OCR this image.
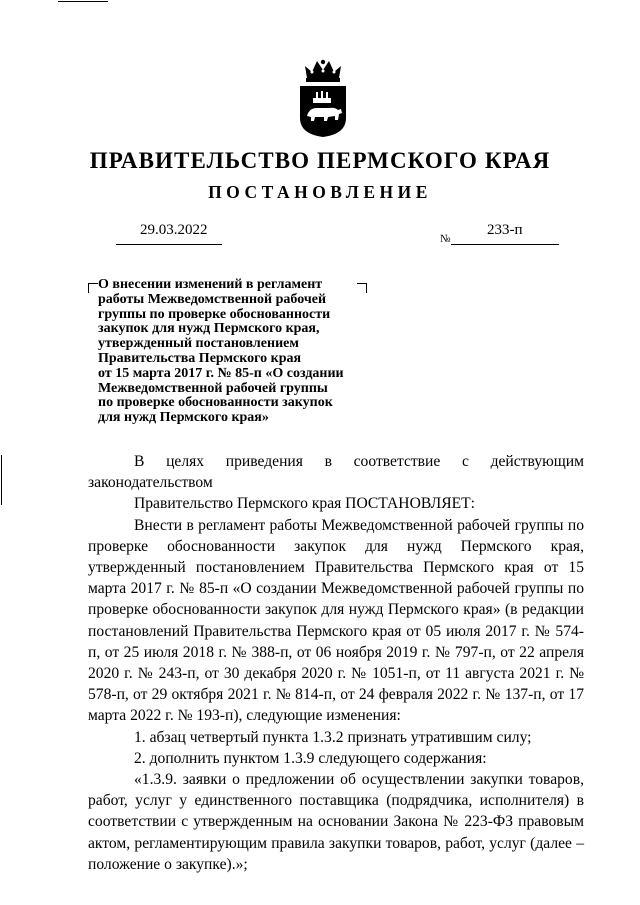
ПРАВИТЕЛЬСТВО ПЕРМСКОГО КРАЯ
ПОСТАНОВЛЕНИЕ
29.03.2022
№
233-п
О внесении изменений в регламент
работы Межведомственной рабочей
группы по проверке обоснованности
закупок для нужд Пермского края,
утвержденный постановлением
Правительства Пермского края
от 15 марта 2017 г. № 85-п «О создании
Межведомственной рабочей группы
по проверке обоснованности закупок
для нужд Пермского края»

В целях приведения в соответствие с действующим законодательством

Правительство Пермского края ПОСТАНОВЛЯЕТ:

Внести в регламент работы Межведомственной рабочей группы по проверке обоснованности закупок для нужд Пермского края, утвержденный постановлением Правительства Пермского края от 15 марта 2017 г. № 85-п «О создании Межведомственной рабочей группы по проверке обоснованности закупок для нужд Пермского края» (в редакции постановлений Правительства Пермского края от 05 июля 2017 г. № 574-п, от 25 июля 2018 г. № 388-п, от 06 ноября 2019 г. № 797-п, от 22 апреля 2020 г. № 243-п, от 30 декабря 2020 г. № 1051-п, от 11 августа 2021 г. № 578-п, от 29 октября 2021 г. № 814-п, от 24 февраля 2022 г. № 137-п, от 17 марта 2022 г. № 193-п), следующие изменения:

1. абзац четвертый пункта 1.3.2 признать утратившим силу;

2. дополнить пунктом 1.3.9 следующего содержания:

«1.3.9. заявки о предложении об осуществлении закупки товаров, работ, услуг у единственного поставщика (подрядчика, исполнителя) в соответствии с утвержденным на основании Закона № 223-ФЗ правовым актом, регламентирующим правила закупки товаров, работ, услуг (далее – положение о закупке).»;
